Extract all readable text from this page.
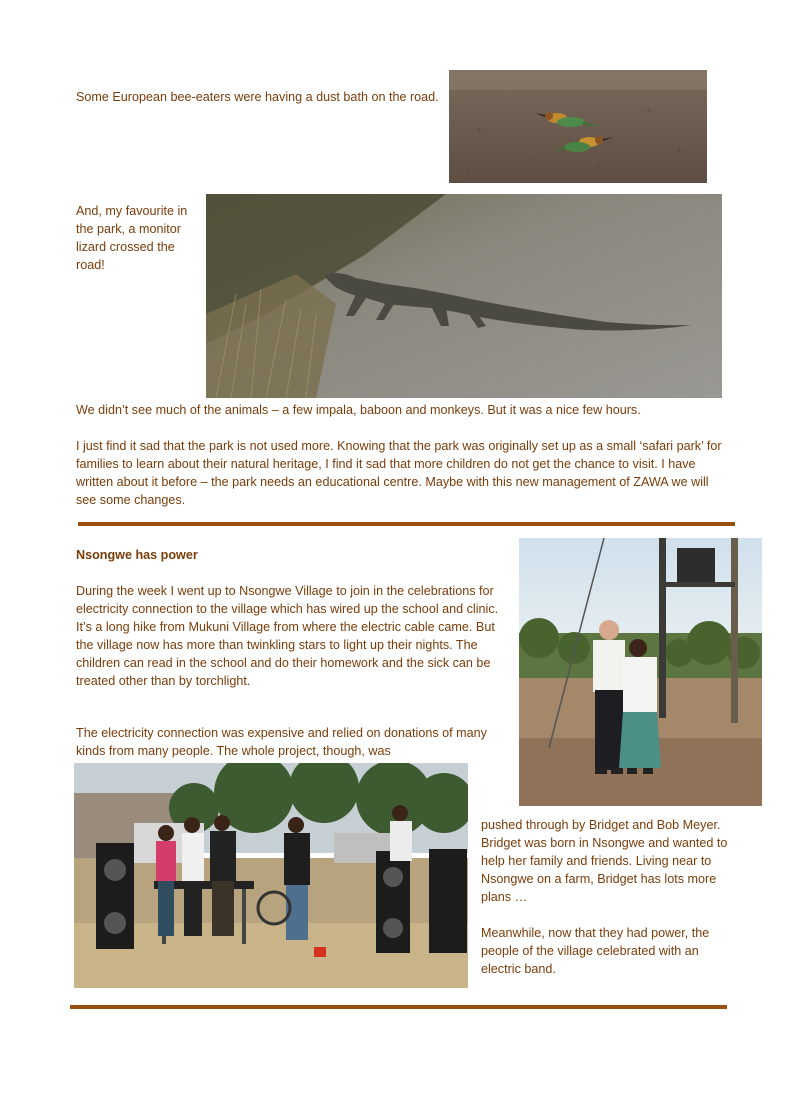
Some European bee-eaters were having a dust bath on the road.
And, my favourite in the park, a monitor lizard crossed the road!
We didn’t see much of the animals – a few impala, baboon and monkeys. But it was a nice few hours.
I just find it sad that the park is not used more. Knowing that the park was originally set up as a small ‘safari park’ for families to learn about their natural heritage, I find it sad that more children do not get the chance to visit. I have written about it before – the park needs an educational centre. Maybe with this new management of ZAWA we will see some changes.
Nsongwe has power
During the week I went up to Nsongwe Village to join in the celebrations for electricity connection to the village which has wired up the school and clinic. It’s a long hike from Mukuni Village from where the electric cable came. But the village now has more than twinkling stars to light up their nights. The children can read in the school and do their homework and the sick can be treated other than by torchlight.
The electricity connection was expensive and relied on donations of many kinds from many people. The whole project, though, was
pushed through by Bridget and Bob Meyer. Bridget was born in Nsongwe and wanted to help her family and friends. Living near to Nsongwe on a farm, Bridget has lots more plans …
Meanwhile, now that they had power, the people of the village celebrated with an electric band.
